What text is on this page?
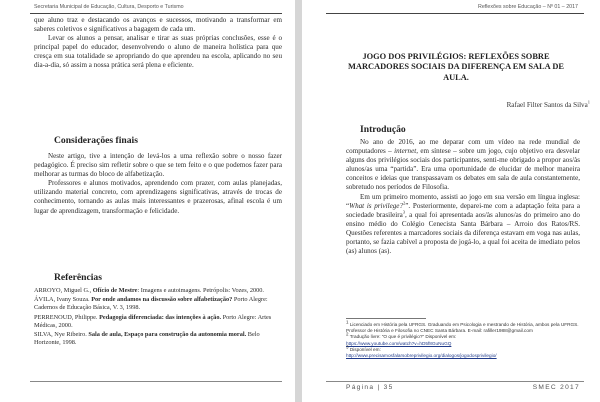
Secretaria Municipal de Educação, Cultura, Desporto e Turismo

que aluno traz e destacando os avanços e sucessos, motivando a transformar em saberes coletivos e significativos a bagagem de cada um.

Levar os alunos a pensar, analisar e tirar as suas próprias conclusões, esse é o principal papel do educador, desenvolvendo o aluno de maneira holística para que cresça em sua totalidade se apropriando do que aprendeu na escola, aplicando no seu dia-a-dia, só assim a nossa prática será plena e eficiente.

Considerações finais

Neste artigo, tive a intenção de levá-los a uma reflexão sobre o nosso fazer pedagógico. É preciso sim refletir sobre o que se tem feito e o que podemos fazer para melhorar as turmas do bloco de alfabetização.

Professores e alunos motivados, aprendendo com prazer, com aulas planejadas, utilizando material concreto, com aprendizagens significativas, através de trocas de conhecimento, tornando as aulas mais interessantes e prazerosas, afinal escola é um lugar de aprendizagem, transformação e felicidade.

Referências

ARROYO, Miguel G., Ofício de Mestre: Imagens e autoimagens. Petrópolis: Vozes, 2000.

ÁVILA, Ivany Souza. Por onde andamos na discussão sobre alfabetização? Porto Alegre: Cadernos de Educação Básica, V. 3, 1998.

PERRENOUD, Philippe. Pedagogia diferenciada: das intenções à ação. Porto Alegre: Artes Médicas, 2000.

SILVA, Nye Ribeiro. Sala de aula, Espaço para construção da autonomia moral. Belo Horizonte, 1998.

Reflexões sobre Educação – Nº 01 – 2017
JOGO DOS PRIVILÉGIOS: REFLEXÕES SOBRE MARCADORES SOCIAIS DA DIFERENÇA EM SALA DE AULA.
Rafael Filter Santos da Silva$^1$
Introdução

No ano de 2016, ao me deparar com um vídeo na rede mundial de computadores – internet, em síntese – sobre um jogo, cujo objetivo era desvelar alguns dos privilégios sociais dos participantes, senti-me obrigado a propor aos/às alunos/as uma “partida”. Era uma oportunidade de elucidar de melhor maneira conceitos e ideias que transpassavam os debates em sala de aula constantemente, sobretudo nos períodos de Filosofia.

Em um primeiro momento, assisti ao jogo em sua versão em língua inglesa: “What is privilege?$^2$”. Posteriormente, deparei-me com a adaptação feita para a sociedade brasileira$^3$, a qual foi apresentada aos/às alunos/as do primeiro ano do ensino médio do Colégio Cenecista Santa Bárbara – Arroio dos Ratos/RS. Questões referentes a marcadores sociais da diferença estavam em voga nas aulas, portanto, se fazia cabível a proposta de jogá-lo, a qual foi aceita de imediato pelos (as) alunos (as).

$^1$ Licenciado em História pela UFRGS. Graduando em Psicologia e mestrando de História, ambos pela UFRGS. Professor de História e Filosofia no CNEC Santa Bárbara. E-mail: rafiller1988@gmail.com
$^2$ Tradução livre: “O que é privilégio?” Disponível em:
https://www.youtube.com/watch?v=hD5f8GuNuGQ
$^3$ Disponível em:
http://www.precisamosfalarsobreprivilegio.org/dialogos/jogodosprivilegio/
Página | 35	SMEC 2017
